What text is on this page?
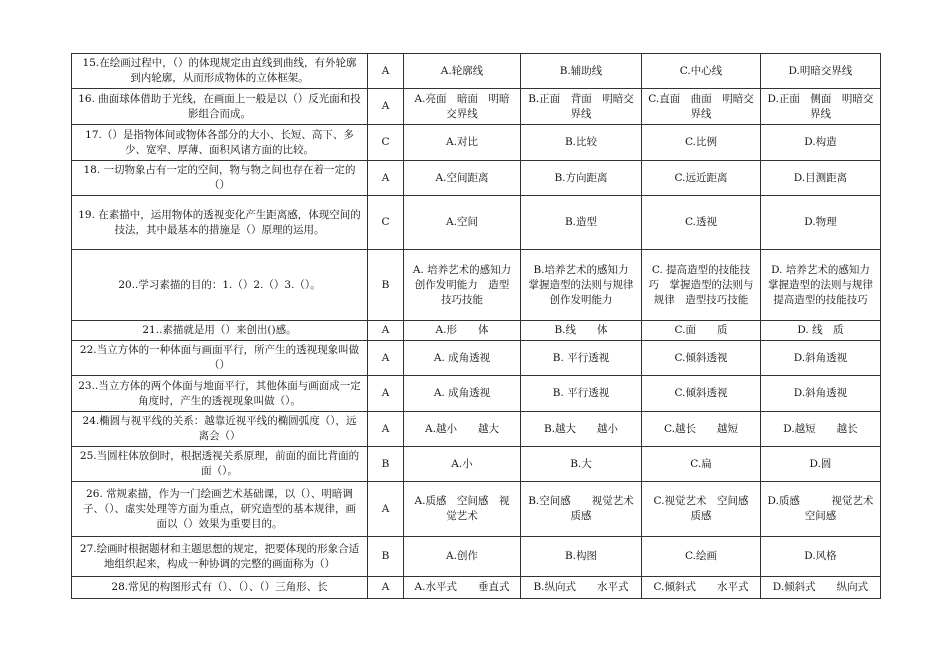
15.在绘画过程中，（）的体现规定由直线到曲线，有外轮廓到内轮廓，从而形成物体的立体框架。	A	A.轮廓线	B.辅助线	C.中心线	D.明暗交界线
16. 曲面球体借助于光线，在画面上一般是以（）反光面和投影组合而成。	A	A.亮面　暗面　明暗交界线	B.正面　背面　明暗交界线	C.直面　曲面　明暗交界线	D.正面　侧面　明暗交界线
17.（）是指物体间或物体各部分的大小、长短、高下、多少、宽窄、厚薄、面积风诸方面的比较。	C	A.对比	B.比较	C.比例	D.构造
18. 一切物象占有一定的空间，物与物之间也存在着一定的（）	A	A.空间距离	B.方向距离	C.远近距离	D.目测距离
19. 在素描中，运用物体的透视变化产生距离感，体现空间的技法，其中最基本的措施是（）原理的运用。	C	A.空间	B.造型	C.透视	D.物理
20..学习素描的目的：1.（）2.（）3.（）。	B	A. 培养艺术的感知力　创作发明能力　造型技巧技能	B.培养艺术的感知力　掌握造型的法则与规律　创作发明能力	C. 提高造型的技能技巧　掌握造型的法则与规律　造型技巧技能	D. 培养艺术的感知力　掌握造型的法则与规律　提高造型的技能技巧
21..素描就是用（）来创出()感。	A	A.形　　体	B.线　　体	C.面　　质	D. 线　质
22.当立方体的一种体面与画面平行，所产生的透视现象叫做（）	A	A. 成角透视	B. 平行透视	C.倾斜透视	D.斜角透视
23..当立方体的两个体面与地面平行，其他体面与画面成一定角度时，产生的透视现象叫做（）。	A	A. 成角透视	B. 平行透视	C.倾斜透视	D.斜角透视
24.椭圆与视平线的关系：越靠近视平线的椭圆弧度（），远离会（）	A	A.越小　　越大	B.越大　　越小	C.越长　　越短	D.越短　　越长
25.当圆柱体放倒时，根据透视关系原理，前面的面比背面的面（）。	B	A.小	B.大	C.扁	D.圆
26. 常规素描，作为一门绘画艺术基础课，以（）、明暗调子、（）、虚实处理等方面为重点，研究造型的基本规律，画面以（）效果为重要目的。	A	A.质感　空间感　视觉艺术	B.空间感　　视觉艺术　　质感	C.视觉艺术　空间感　质感	D.质感　　　视觉艺术　　空间感
27.绘画时根据题材和主题思想的规定，把要体现的形象合适地组织起来，构成一种协调的完整的画面称为（）	B	A.创作	B.构图	C.绘画	D.风格
28.常见的构图形式有（）、（）、（）三角形、长	A	A.水平式　　垂直式	B.纵向式　　水平式	C.倾斜式　　水平式	D.倾斜式　　纵向式
